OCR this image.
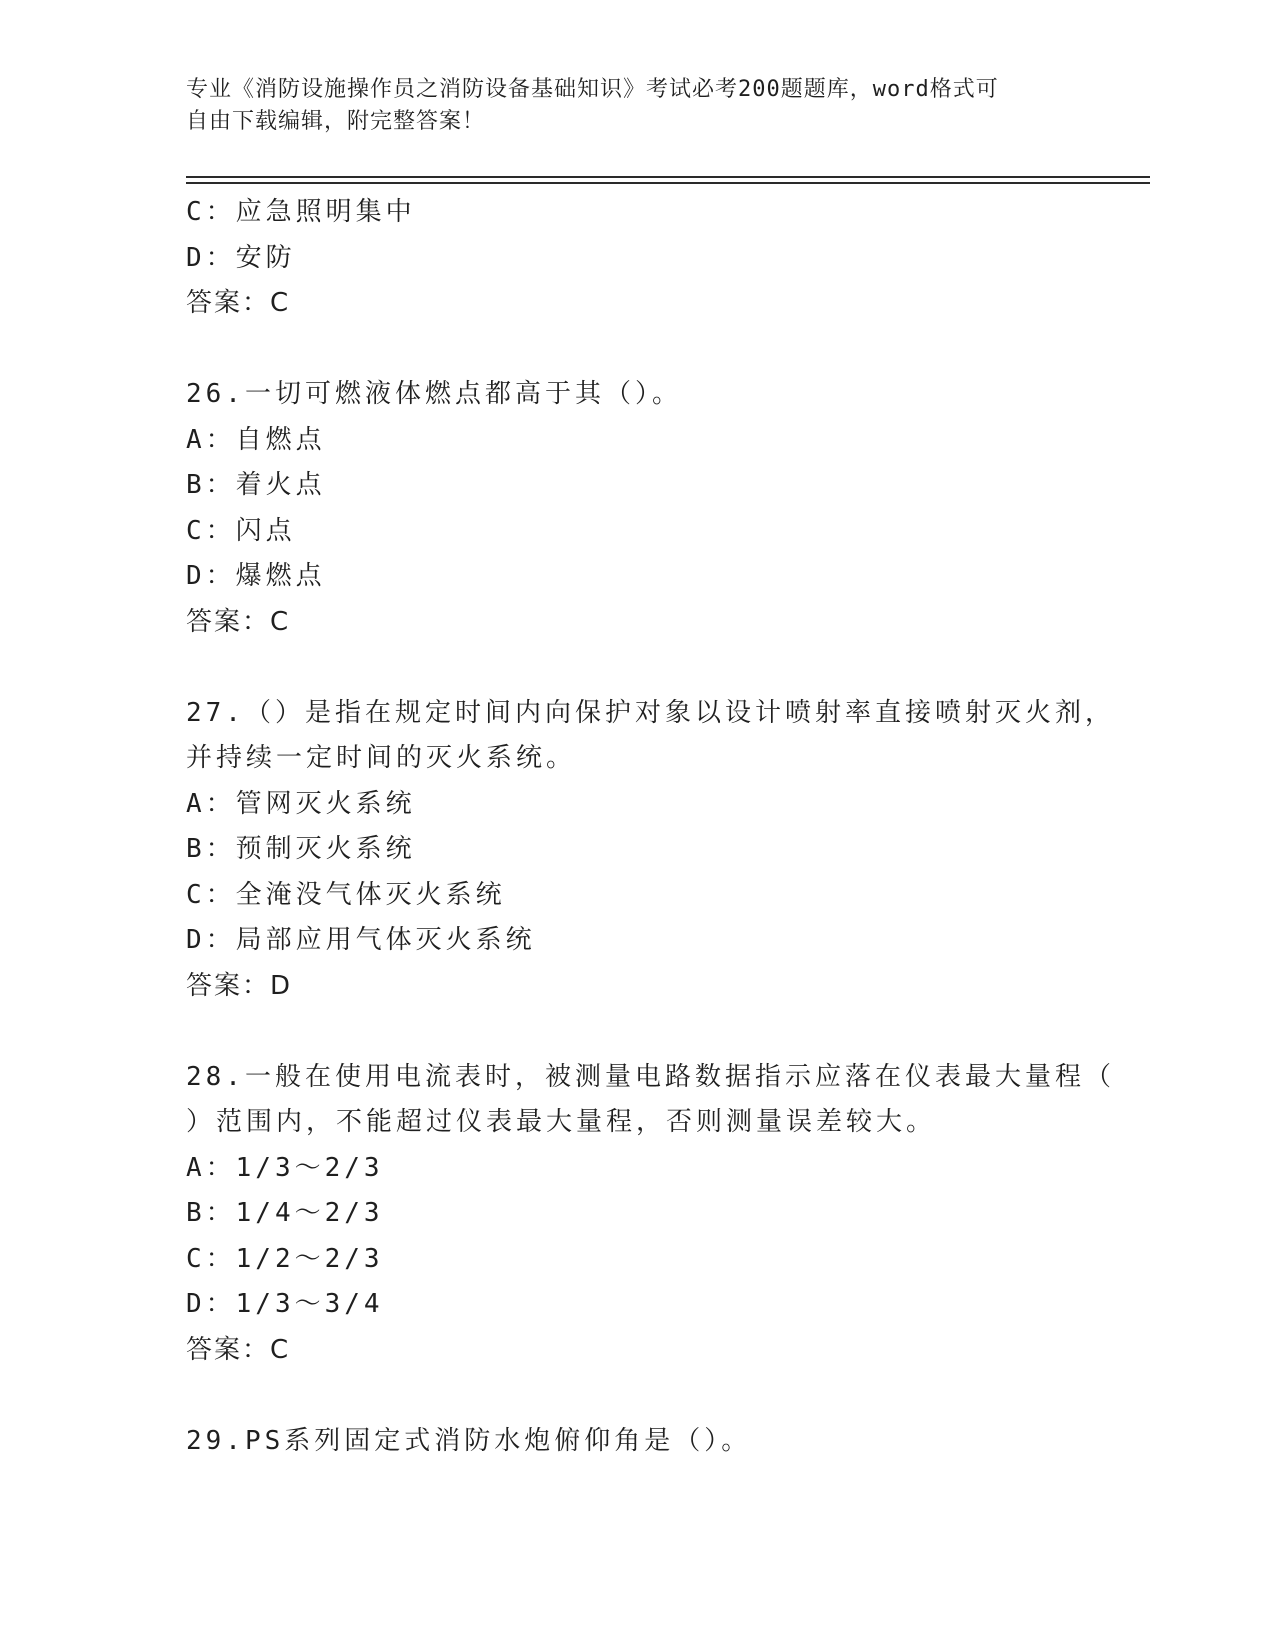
专业《消防设施操作员之消防设备基础知识》考试必考200题题库，word格式可
自由下载编辑，附完整答案！
C：应急照明集中
D：安防
答案：C
26.一切可燃液体燃点都高于其（）。
A：自燃点
B：着火点
C：闪点
D：爆燃点
答案：C
27.（）是指在规定时间内向保护对象以设计喷射率直接喷射灭火剂，
并持续一定时间的灭火系统。
A：管网灭火系统
B：预制灭火系统
C：全淹没气体灭火系统
D：局部应用气体灭火系统
答案：D
28.一般在使用电流表时，被测量电路数据指示应落在仪表最大量程（
）范围内，不能超过仪表最大量程，否则测量误差较大。
A：1/3～2/3
B：1/4～2/3
C：1/2～2/3
D：1/3～3/4
答案：C
29.PS系列固定式消防水炮俯仰角是（）。
